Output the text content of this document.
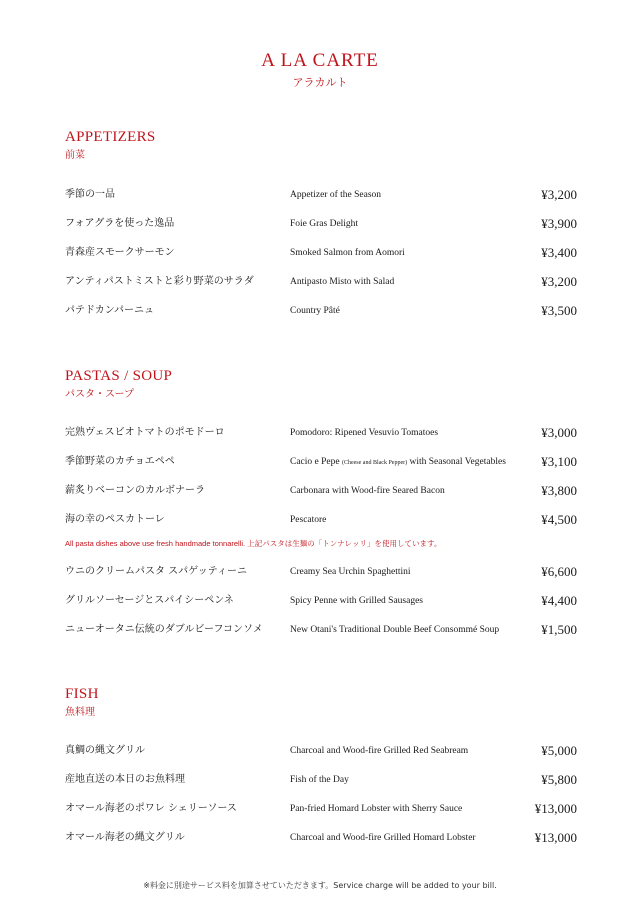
A LA CARTE
アラカルト
APPETIZERS
前菜
季節の一品	Appetizer of the Season	¥3,200
フォアグラを使った逸品	Foie Gras Delight	¥3,900
青森産スモークサーモン	Smoked Salmon from Aomori	¥3,400
アンティパストミストと彩り野菜のサラダ	Antipasto Misto with Salad	¥3,200
パテドカンパーニュ	Country Pâté	¥3,500
PASTAS / SOUP
パスタ・スープ
完熟ヴェスビオトマトのポモドーロ	Pomodoro: Ripened Vesuvio Tomatoes	¥3,000
季節野菜のカチョエペペ	Cacio e Pepe (Cheese and Black Pepper) with Seasonal Vegetables	¥3,100
薪炙りベーコンのカルボナーラ	Carbonara with Wood-fire Seared Bacon	¥3,800
海の幸のペスカトーレ	Pescatore	¥4,500
All pasta dishes above use fresh handmade tonnarelli. 上記パスタは生麺の「トンナレッリ」を使用しています。
ウニのクリームパスタ スパゲッティーニ	Creamy Sea Urchin Spaghettini	¥6,600
グリルソーセージとスパイシーペンネ	Spicy Penne with Grilled Sausages	¥4,400
ニューオータニ伝統のダブルビーフコンソメ	New Otani's Traditional Double Beef Consommé Soup	¥1,500
FISH
魚料理
真鯛の縄文グリル	Charcoal and Wood-fire Grilled Red Seabream	¥5,000
産地直送の本日のお魚料理	Fish of the Day	¥5,800
オマール海老のポワレ シェリーソース	Pan-fried Homard Lobster with Sherry Sauce	¥13,000
オマール海老の縄文グリル	Charcoal and Wood-fire Grilled Homard Lobster	¥13,000
※料金に別途サービス料を加算させていただきます。Service charge will be added to your bill.
